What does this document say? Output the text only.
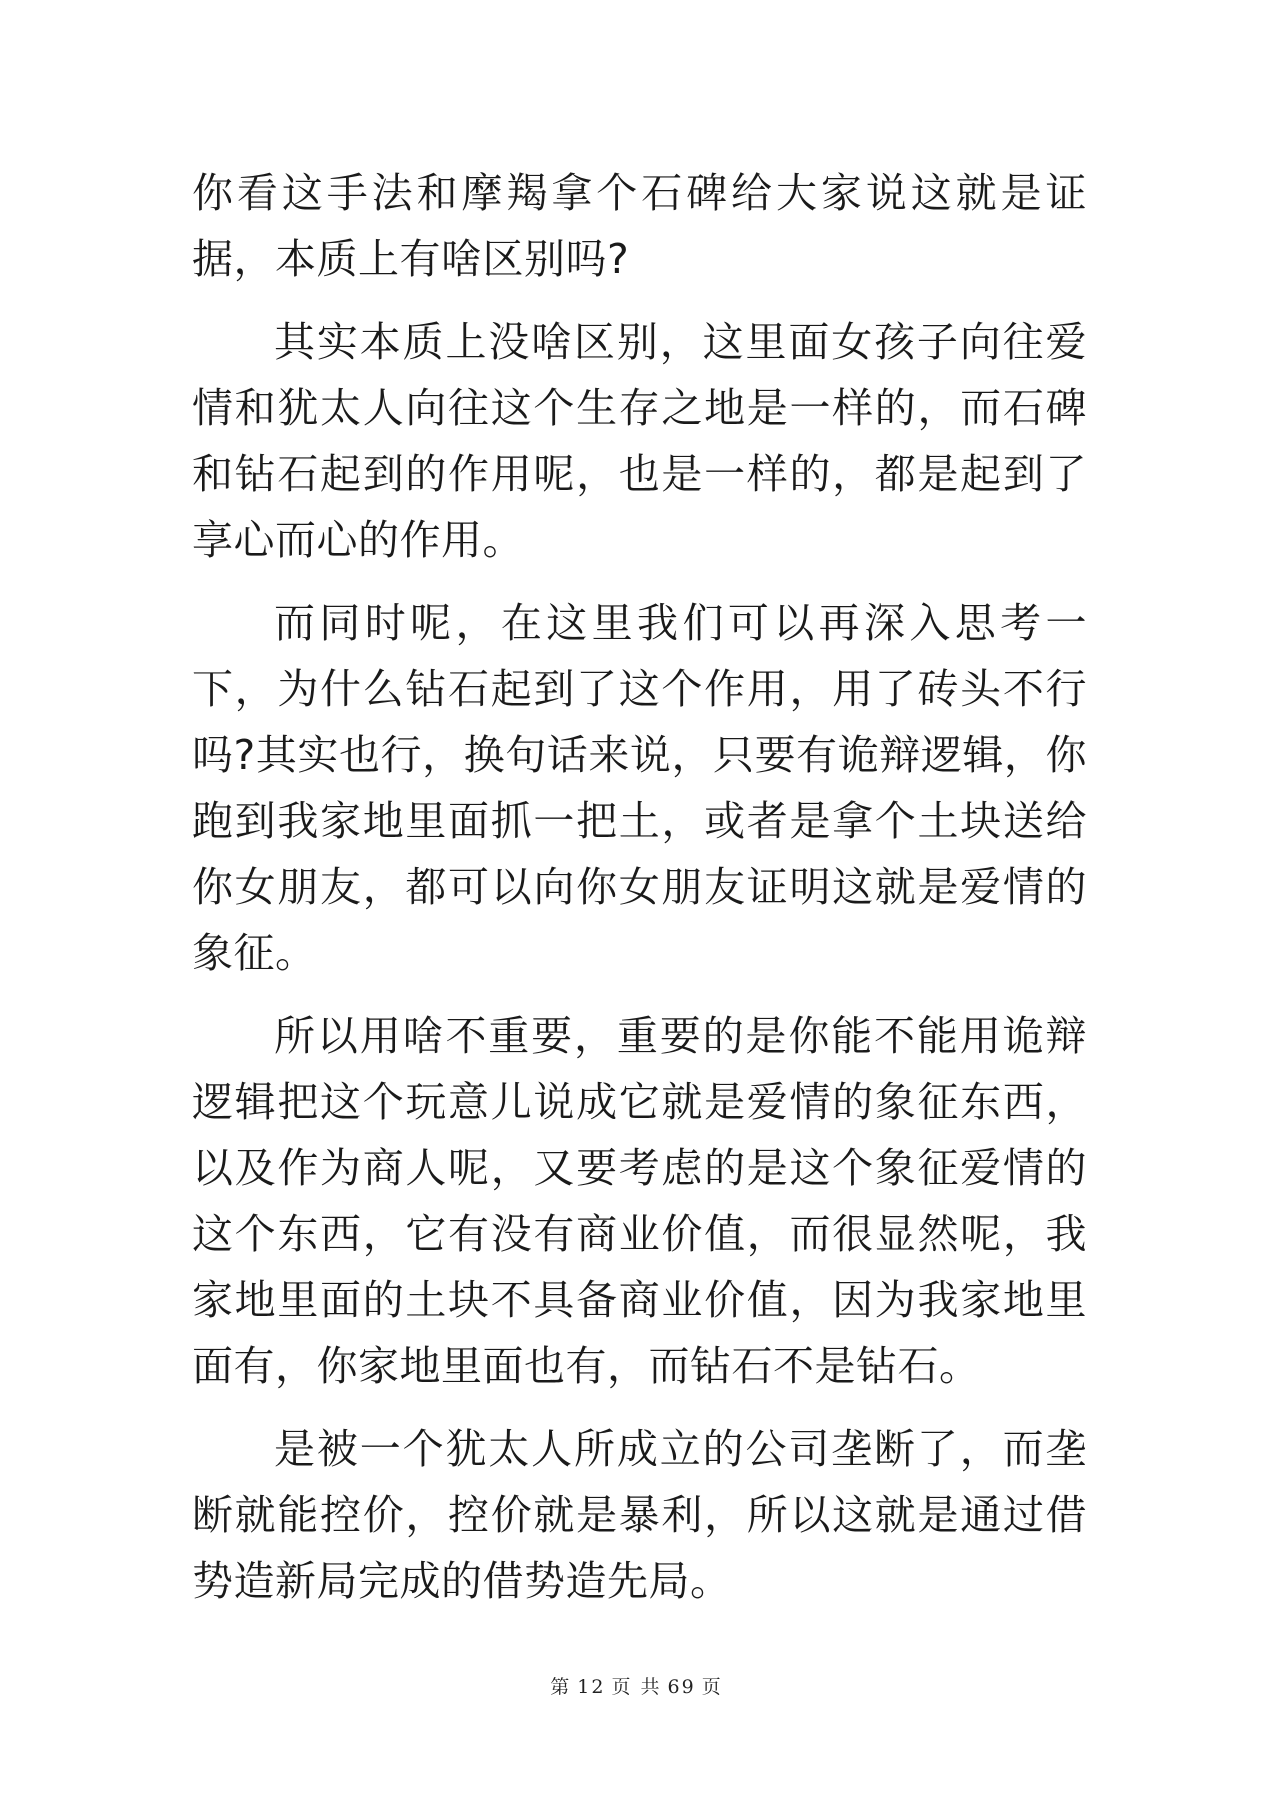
你看这手法和摩羯拿个石碑给大家说这就是证据，本质上有啥区别吗?

其实本质上没啥区别，这里面女孩子向往爱情和犹太人向往这个生存之地是一样的，而石碑和钻石起到的作用呢，也是一样的，都是起到了享心而心的作用。

而同时呢，在这里我们可以再深入思考一下，为什么钻石起到了这个作用，用了砖头不行吗?其实也行，换句话来说，只要有诡辩逻辑，你跑到我家地里面抓一把土，或者是拿个土块送给你女朋友，都可以向你女朋友证明这就是爱情的象征。

所以用啥不重要，重要的是你能不能用诡辩逻辑把这个玩意儿说成它就是爱情的象征东西，以及作为商人呢，又要考虑的是这个象征爱情的这个东西，它有没有商业价值，而很显然呢，我家地里面的土块不具备商业价值，因为我家地里面有，你家地里面也有，而钻石不是钻石。

是被一个犹太人所成立的公司垄断了，而垄断就能控价，控价就是暴利，所以这就是通过借势造新局完成的借势造先局。

第 12 页 共 69 页
